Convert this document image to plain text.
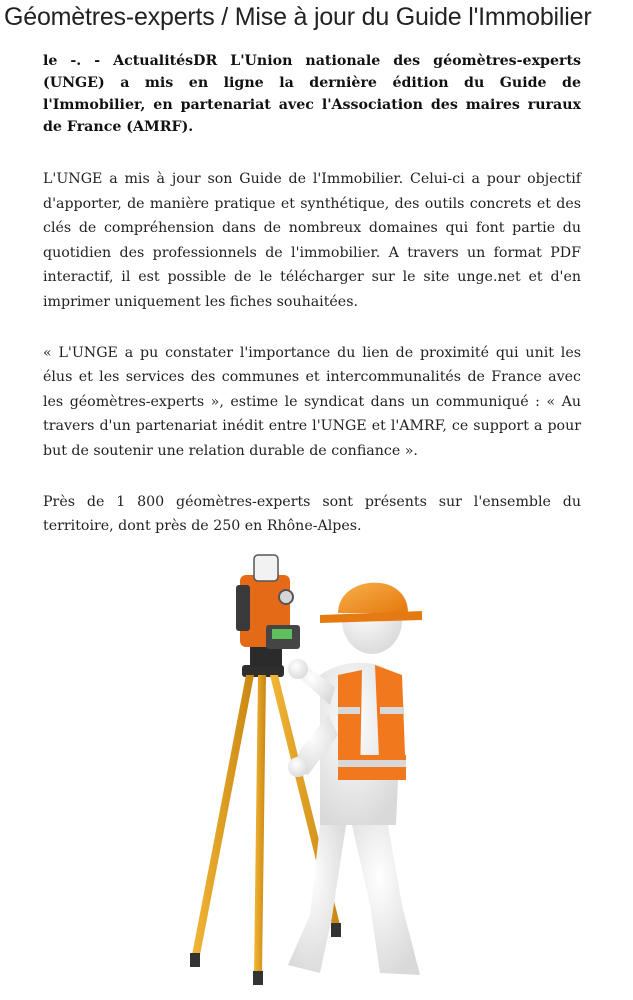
Géomètres-experts / Mise à jour du Guide l'Immobilier

le -. - ActualitésDR L'Union nationale des géomètres-experts (UNGE) a mis en ligne la dernière édition du Guide de l'Immobilier, en partenariat avec l'Association des maires ruraux de France (AMRF).

L'UNGE a mis à jour son Guide de l'Immobilier. Celui-ci a pour objectif d'apporter, de manière pratique et synthétique, des outils concrets et des clés de compréhension dans de nombreux domaines qui font partie du quotidien des professionnels de l'immobilier. A travers un format PDF interactif, il est possible de le télécharger sur le site unge.net et d'en imprimer uniquement les fiches souhaitées.

« L'UNGE a pu constater l'importance du lien de proximité qui unit les élus et les services des communes et intercommunalités de France avec les géomètres-experts », estime le syndicat dans un communiqué : « Au travers d'un partenariat inédit entre l'UNGE et l'AMRF, ce support a pour but de soutenir une relation durable de confiance ».

Près de 1 800 géomètres-experts sont présents sur l'ensemble du territoire, dont près de 250 en Rhône-Alpes.
